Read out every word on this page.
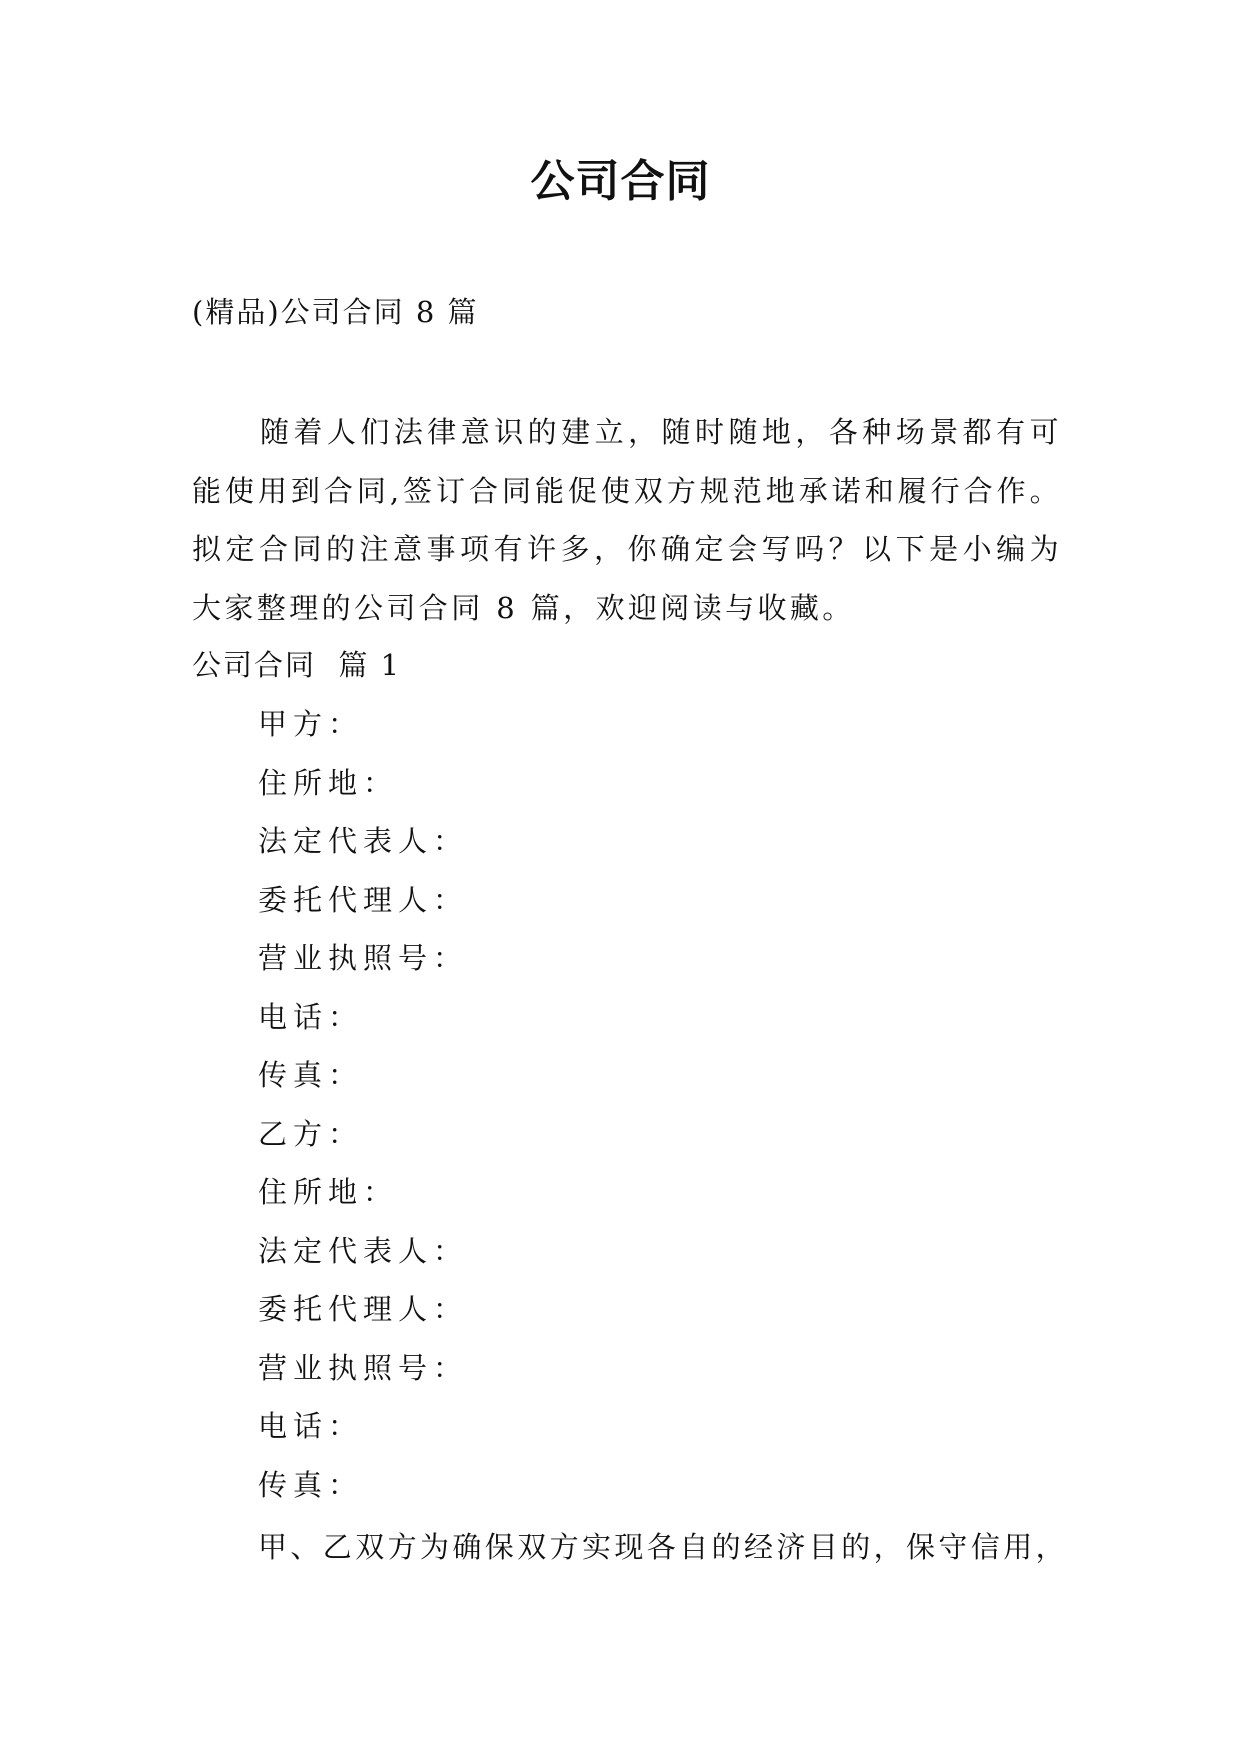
公司合同

(精品)公司合同 8 篇

随着人们法律意识的建立，随时随地，各种场景都有可能使用到合同,签订合同能促使双方规范地承诺和履行合作。拟定合同的注意事项有许多，你确定会写吗？以下是小编为大家整理的公司合同 8 篇，欢迎阅读与收藏。

公司合同  篇 1

甲方：
住所地：
法定代表人：
委托代理人：
营业执照号：
电话：
传真：
乙方：
住所地：
法定代表人：
委托代理人：
营业执照号：
电话：
传真：

甲、乙双方为确保双方实现各自的经济目的，保守信用，
